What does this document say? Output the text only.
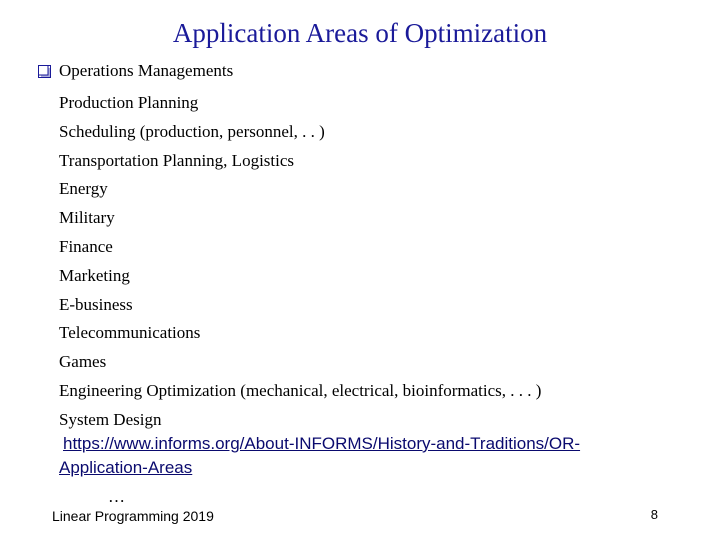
Application Areas of Optimization
Operations Managements
Production Planning
Scheduling (production, personnel, . . )
Transportation Planning, Logistics
Energy
Military
Finance
Marketing
E-business
Telecommunications
Games
Engineering Optimization (mechanical, electrical, bioinformatics, . . . )
System Design
https://www.informs.org/About-INFORMS/History-and-Traditions/OR-
Application-Areas
…
Linear Programming 2019	8
